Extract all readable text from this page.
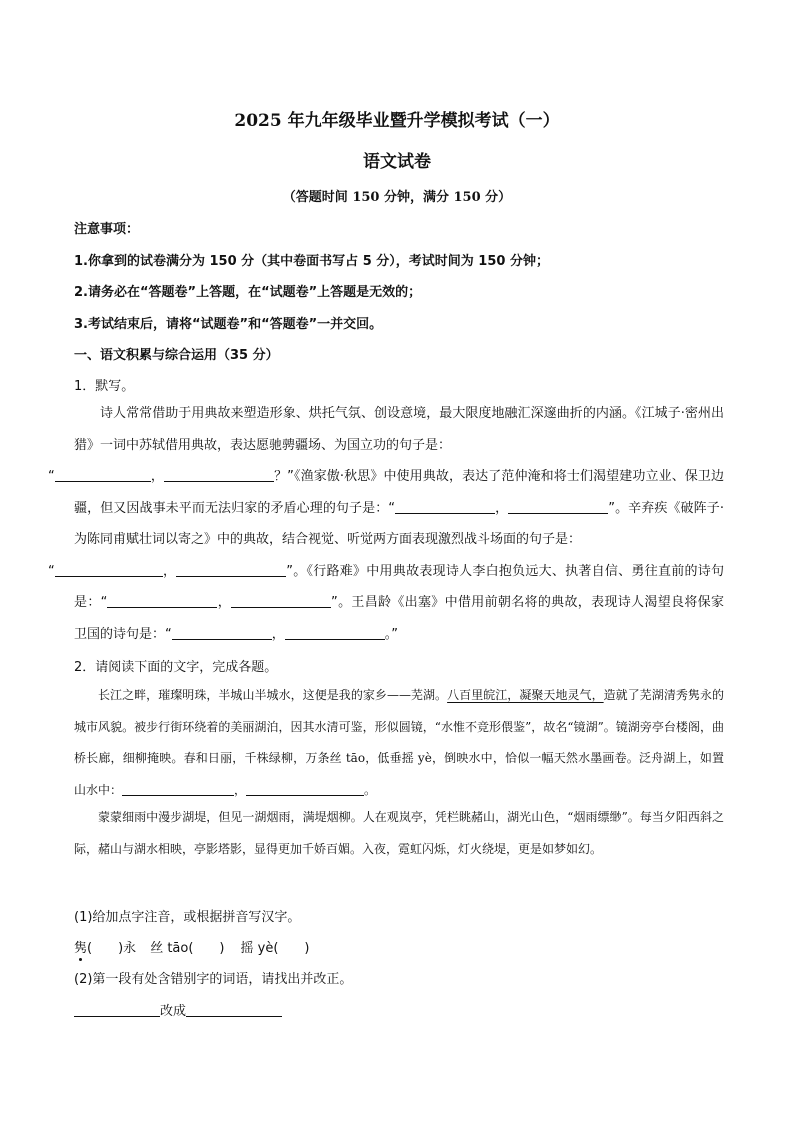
2025 年九年级毕业暨升学模拟考试（一）
语文试卷
（答题时间 150 分钟，满分 150 分）
注意事项：
1.你拿到的试卷满分为 150 分（其中卷面书写占 5 分），考试时间为 150 分钟；
2.请务必在“答题卷”上答题，在“试题卷”上答题是无效的；
3.考试结束后，请将“试题卷”和“答题卷”一并交回。
一、语文积累与综合运用（35 分）
1．默写。
诗人常常借助于用典故来塑造形象、烘托气氛、创设意境，最大限度地融汇深邃曲折的内涵。《江城子·密州出猎》一词中苏轼借用典故，表达愿驰骋疆场、为国立功的句子是：
“	，	？”《渔家傲·秋思》中使用典故，表达了范仲淹和将士们渴望建功立业、保卫边疆，但又因战事未平而无法归家的矛盾心理的句子是：“	，	”。辛弃疾《破阵子·为陈同甫赋壮词以寄之》中的典故，结合视觉、听觉两方面表现激烈战斗场面的句子是：
“	，	”。《行路难》中用典故表现诗人李白抱负远大、执著自信、勇往直前的诗句是：“	，	”。王昌龄《出塞》中借用前朝名将的典故，表现诗人渴望良将保家卫国的诗句是：“	，	。”
2．请阅读下面的文字，完成各题。
长江之畔，璀璨明珠，半城山半城水，这便是我的家乡——芜湖。八百里皖江，凝聚天地灵气，造就了芜湖清秀隽永的城市风貌。被步行街环绕着的美丽湖泊，因其水清可鉴，形似圆镜，“水惟不竞形偎鉴”，故名“镜湖”。镜湖旁亭台楼阁，曲桥长廊，细柳掩映。春和日丽，千株绿柳，万条丝 tāo，低垂摇 yè，倒映水中，恰似一幅天然水墨画卷。泛舟湖上，如置山水中：	，	。
蒙蒙细雨中漫步湖堤，但见一湖烟雨，满堤烟柳。人在观岚亭，凭栏眺赭山，湖光山色，“烟雨缥缈”。每当夕阳西斜之际，赭山与湖水相映，亭影塔影，显得更加千娇百媚。入夜，霓虹闪烁，灯火绕堤，更是如梦如幻。
(1)给加点字注音，或根据拼音写汉字。
隽( )永 丝 tāo( ) 摇 yè( )
(2)第一段有处含错别字的词语，请找出并改正。
改成
